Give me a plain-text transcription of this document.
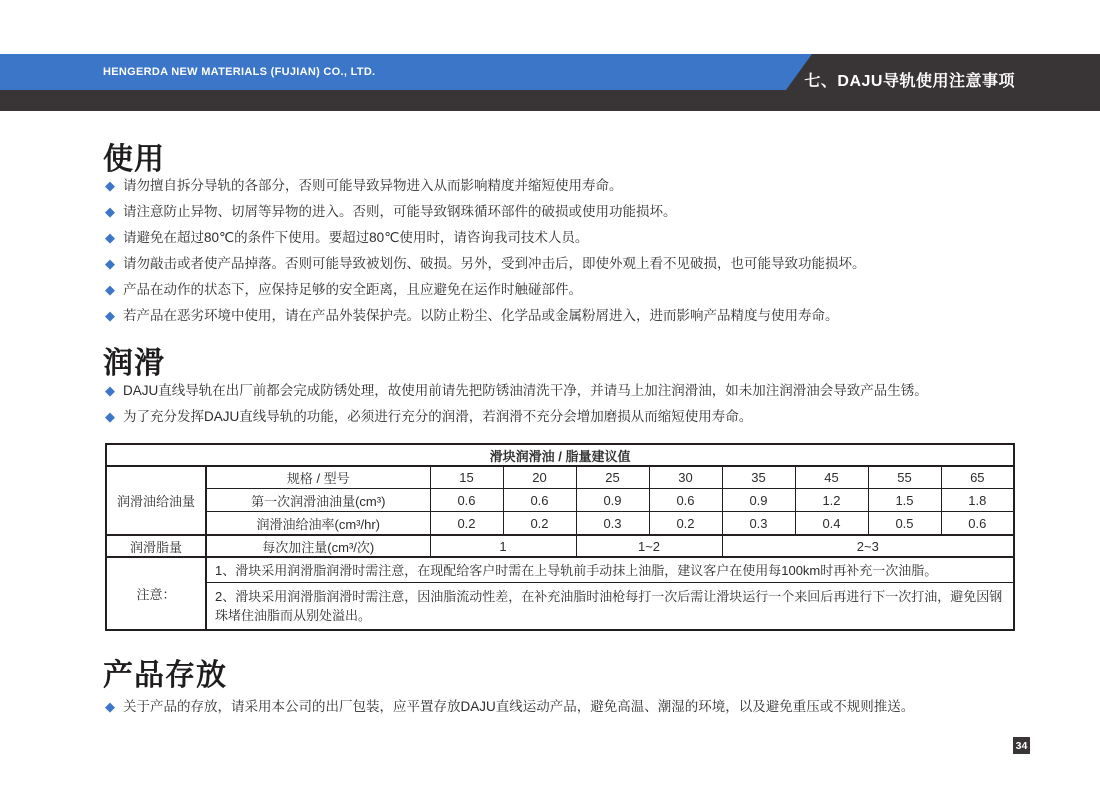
HENGERDA NEW MATERIALS (FUJIAN) CO., LTD.
七、DAJU导轨使用注意事项
使用
◆ 请勿擅自拆分导轨的各部分，否则可能导致异物进入从而影响精度并缩短使用寿命。
◆ 请注意防止异物、切屑等异物的进入。否则，可能导致钢珠循环部件的破损或使用功能损坏。
◆ 请避免在超过80℃的条件下使用。要超过80℃使用时，请咨询我司技术人员。
◆ 请勿敲击或者使产品掉落。否则可能导致被划伤、破损。另外，受到冲击后，即使外观上看不见破损，也可能导致功能损坏。
◆ 产品在动作的状态下，应保持足够的安全距离，且应避免在运作时触碰部件。
◆ 若产品在恶劣环境中使用，请在产品外装保护壳。以防止粉尘、化学品或金属粉屑进入，进而影响产品精度与使用寿命。
润滑
◆ DAJU直线导轨在出厂前都会完成防锈处理，故使用前请先把防锈油清洗干净，并请马上加注润滑油，如未加注润滑油会导致产品生锈。
◆ 为了充分发挥DAJU直线导轨的功能，必须进行充分的润滑，若润滑不充分会增加磨损从而缩短使用寿命。
滑块润滑油 / 脂量建议值									
润滑油给油量	规格 / 型号	15	20	25	30	35	45	55	65
	第一次润滑油油量(cm³)	0.6	0.6	0.9	0.6	0.9	1.2	1.5	1.8
	润滑油给油率(cm³/hr)	0.2	0.2	0.3	0.2	0.3	0.4	0.5	0.6
润滑脂量	每次加注量(cm³/次)	1		1~2		2~3			
注意：	1、滑块采用润滑脂润滑时需注意，在现配给客户时需在上导轨前手动抹上油脂，建议客户在使用每100km时再补充一次油脂。								

	2、滑块采用润滑脂润滑时需注意，因油脂流动性差，在补充油脂时油枪每打一次后需让滑块运行一个来回后再进行下一次打油，避免因钢珠堵住油脂而从别处溢出。								
产品存放
◆ 关于产品的存放，请采用本公司的出厂包装，应平置存放DAJU直线运动产品，避免高温、潮湿的环境，以及避免重压或不规则推送。
34
